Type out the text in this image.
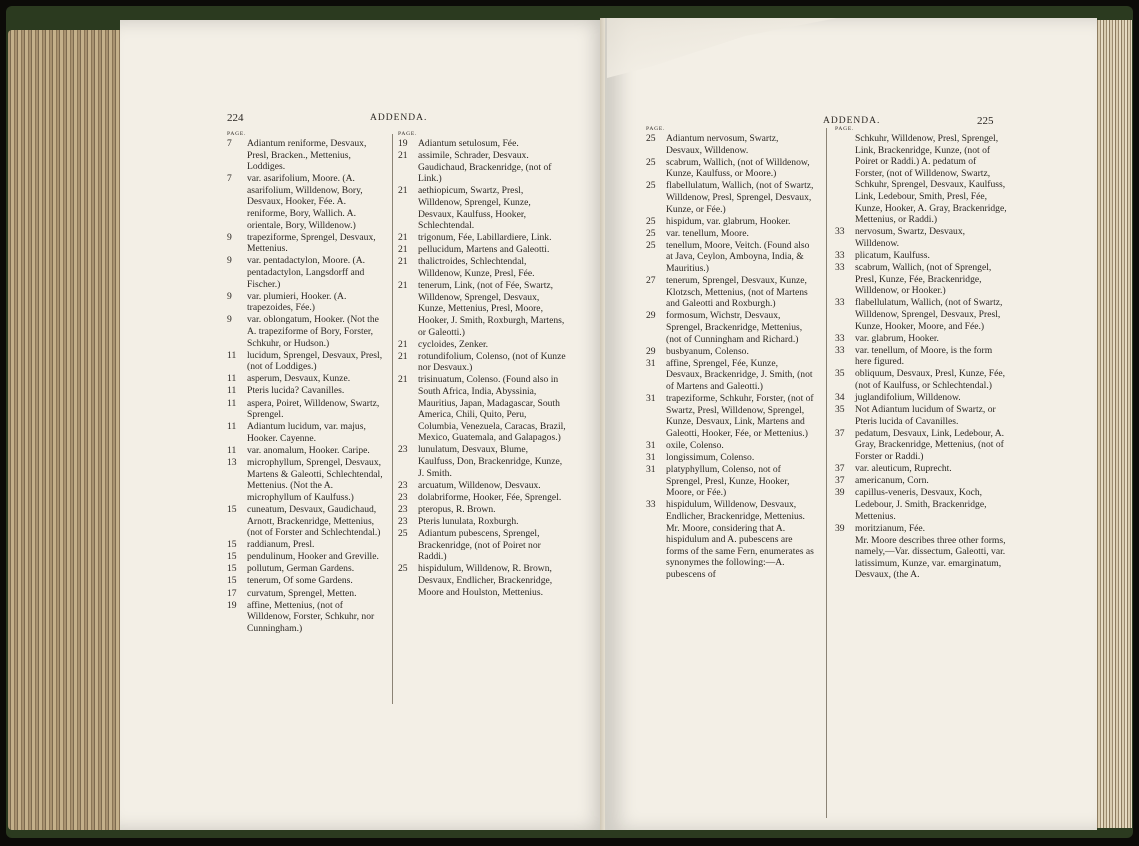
224	ADDENDA.	ADDENDA.	225
PAGE.
7	Adiantum reniforme, Desvaux, Presl, Bracken., Mettenius, Loddiges.
7	var. asarifolium, Moore. (A. asarifolium, Willdenow, Bory, Desvaux, Hooker, Fée. A. reniforme, Bory, Wallich. A. orientale, Bory, Willdenow.)
9	trapeziforme, Sprengel, Desvaux, Mettenius.
9	var. pentadactylon, Moore. (A. pentadactylon, Langsdorff and Fischer.)
9	var. plumieri, Hooker. (A. trapezoides, Fée.)
9	var. oblongatum, Hooker. (Not the A. trapeziforme of Bory, Forster, Schkuhr, or Hudson.)
11	lucidum, Sprengel, Desvaux, Presl, (not of Loddiges.)
11	asperum, Desvaux, Kunze.
11	Pteris lucida? Cavanilles.
11	aspera, Poiret, Willdenow, Swartz, Sprengel.
11	Adiantum lucidum, var. majus, Hooker. Cayenne.
11	var. anomalum, Hooker. Caripe.
13	microphyllum, Sprengel, Desvaux, Martens & Galeotti, Schlechtendal, Mettenius. (Not the A. microphyllum of Kaulfuss.)
15	cuneatum, Desvaux, Gaudichaud, Arnott, Brackenridge, Mettenius, (not of Forster and Schlechtendal.)
15	raddianum, Presl.
15	pendulinum, Hooker and Greville.
15	pollutum, German Gardens.
15	tenerum, Of some Gardens.
17	curvatum, Sprengel, Metten.
19	affine, Mettenius, (not of Willdenow, Forster, Schkuhr, nor Cunningham.)
PAGE.
19	Adiantum setulosum, Fée.
21	assimile, Schrader, Desvaux. Gaudichaud, Brackenridge, (not of Link.)
21	aethiopicum, Swartz, Presl, Willdenow, Sprengel, Kunze, Desvaux, Kaulfuss, Hooker, Schlechtendal.
21	trigonum, Fée, Labillardiere, Link.
21	pellucidum, Martens and Galeotti.
21	thalictroides, Schlechtendal, Willdenow, Kunze, Presl, Fée.
21	tenerum, Link, (not of Fée, Swartz, Willdenow, Sprengel, Desvaux, Kunze, Mettenius, Presl, Moore, Hooker, J. Smith, Roxburgh, Martens, or Galeotti.)
21	cycloides, Zenker.
21	rotundifolium, Colenso, (not of Kunze nor Desvaux.)
21	trisinuatum, Colenso. (Found also in South Africa, India, Abyssinia, Mauritius, Japan, Madagascar, South America, Chili, Quito, Peru, Columbia, Venezuela, Caracas, Brazil, Mexico, Guatemala, and Galapagos.)
23	lunulatum, Desvaux, Blume, Kaulfuss, Don, Brackenridge, Kunze, J. Smith.
23	arcuatum, Willdenow, Desvaux.
23	dolabriforme, Hooker, Fée, Sprengel.
23	pteropus, R. Brown.
23	Pteris lunulata, Roxburgh.
25	Adiantum pubescens, Sprengel, Brackenridge, (not of Poiret nor Raddi.)
25	hispidulum, Willdenow, R. Brown, Desvaux, Endlicher, Brackenridge, Moore and Houlston, Mettenius.
PAGE.
25	Adiantum nervosum, Swartz, Desvaux, Willdenow.
25	scabrum, Wallich, (not of Willdenow, Kunze, Kaulfuss, or Moore.)
25	flabellulatum, Wallich, (not of Swartz, Willdenow, Presl, Sprengel, Desvaux, Kunze, or Fée.)
25	hispidum, var. glabrum, Hooker.
25	var. tenellum, Moore.
25	tenellum, Moore, Veitch. (Found also at Java, Ceylon, Amboyna, India, & Mauritius.)
27	tenerum, Sprengel, Desvaux, Kunze, Klotzsch, Mettenius, (not of Martens and Galeotti and Roxburgh.)
29	formosum, Wichstr, Desvaux, Sprengel, Brackenridge, Mettenius, (not of Cunningham and Richard.)
29	busbyanum, Colenso.
31	affine, Sprengel, Fée, Kunze, Desvaux, Brackenridge, J. Smith, (not of Martens and Galeotti.)
31	trapeziforme, Schkuhr, Forster, (not of Swartz, Presl, Willdenow, Sprengel, Kunze, Desvaux, Link, Martens and Galeotti, Hooker, Fée, or Mettenius.)
31	oxile, Colenso.
31	longissimum, Colenso.
31	platyphyllum, Colenso, not of Sprengel, Presl, Kunze, Hooker, Moore, or Fée.)
33	hispidulum, Willdenow, Desvaux, Endlicher, Brackenridge, Mettenius. Mr. Moore, considering that A. hispidulum and A. pubescens are forms of the same Fern, enumerates as synonymes the following:—A. pubescens of
PAGE.
Schkuhr, Willdenow, Presl, Sprengel, Link, Brackenridge, Kunze, (not of Poiret or Raddi.) A. pedatum of Forster, (not of Willdenow, Swartz, Schkuhr, Sprengel, Desvaux, Kaulfuss, Link, Ledebour, Smith, Presl, Fée, Kunze, Hooker, A. Gray, Brackenridge, Mettenius, or Raddi.)
33	nervosum, Swartz, Desvaux, Willdenow.
33	plicatum, Kaulfuss.
33	scabrum, Wallich, (not of Sprengel, Presl, Kunze, Fée, Brackenridge, Willdenow, or Hooker.)
33	flabellulatum, Wallich, (not of Swartz, Willdenow, Sprengel, Desvaux, Presl, Kunze, Hooker, Moore, and Fée.)
33	var. glabrum, Hooker.
33	var. tenellum, of Moore, is the form here figured.
35	obliquum, Desvaux, Presl, Kunze, Fée, (not of Kaulfuss, or Schlechtendal.)
34	juglandifolium, Willdenow.
35	Not Adiantum lucidum of Swartz, or Pteris lucida of Cavanilles.
37	pedatum, Desvaux, Link, Ledebour, A. Gray, Brackenridge, Mettenius, (not of Forster or Raddi.)
37	var. aleuticum, Ruprecht.
37	americanum, Corn.
39	capillus-veneris, Desvaux, Koch, Ledebour, J. Smith, Brackenridge, Mettenius.
39	moritzianum, Fée.
Mr. Moore describes three other forms, namely,—Var. dissectum, Galeotti, var. latissimum, Kunze, var. emarginatum, Desvaux, (the A.
